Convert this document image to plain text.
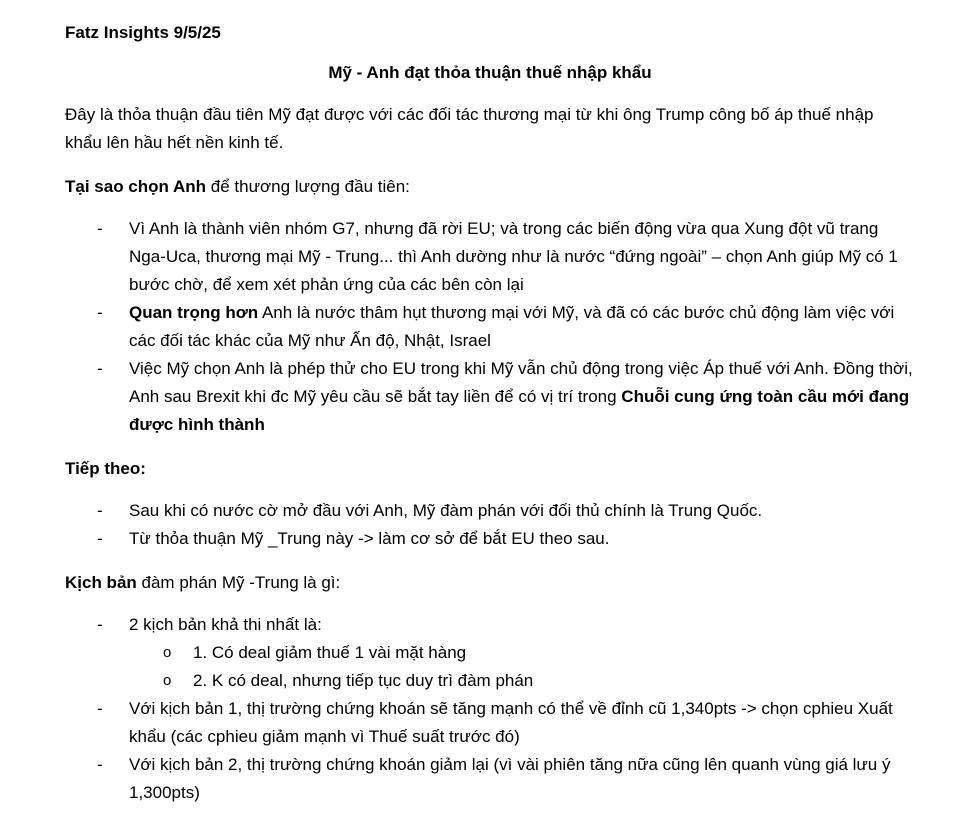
Fatz Insights 9/5/25

Mỹ - Anh đạt thỏa thuận thuế nhập khẩu

Đây là thỏa thuận đầu tiên Mỹ đạt được với các đối tác thương mại từ khi ông Trump công bố áp thuế nhập khẩu lên hầu hết nền kinh tế.

Tại sao chọn Anh để thương lượng đầu tiên:

- Vì Anh là thành viên nhóm G7, nhưng đã rời EU; và trong các biến động vừa qua Xung đột vũ trang Nga-Uca, thương mại Mỹ - Trung... thì Anh dường như là nước “đứng ngoài” – chọn Anh giúp Mỹ có 1 bước chờ, để xem xét phản ứng của các bên còn lại
- Quan trọng hơn Anh là nước thâm hụt thương mại với Mỹ, và đã có các bước chủ động làm việc với các đối tác khác của Mỹ như Ấn độ, Nhật, Israel
- Việc Mỹ chọn Anh là phép thử cho EU trong khi Mỹ vẫn chủ động trong việc Áp thuế với Anh. Đồng thời, Anh sau Brexit khi đc Mỹ yêu cầu sẽ bắt tay liền để có vị trí trong Chuỗi cung ứng toàn cầu mới đang được hình thành

Tiếp theo:

- Sau khi có nước cờ mở đầu với Anh, Mỹ đàm phán với đối thủ chính là Trung Quốc.
- Từ thỏa thuận Mỹ _Trung này -> làm cơ sở để bắt EU theo sau.

Kịch bản đàm phán Mỹ -Trung là gì:

- 2 kịch bản khả thi nhất là:
o 1. Có deal giảm thuế 1 vài mặt hàng
o 2. K có deal, nhưng tiếp tục duy trì đàm phán
- Với kịch bản 1, thị trường chứng khoán sẽ tăng mạnh có thể về đỉnh cũ 1,340pts -> chọn cphieu Xuất khẩu (các cphieu giảm mạnh vì Thuế suất trước đó)
- Với kịch bản 2, thị trường chứng khoán giảm lại (vì vài phiên tăng nữa cũng lên quanh vùng giá lưu ý 1,300pts)
